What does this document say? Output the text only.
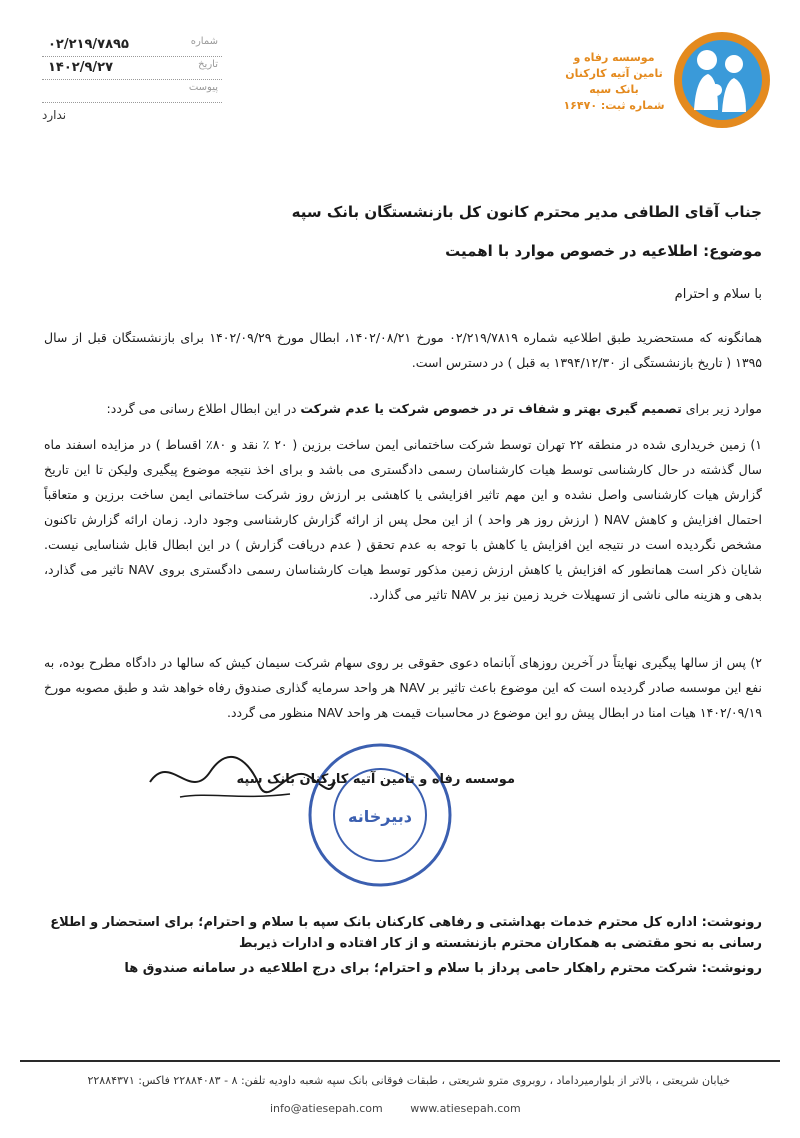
شماره
۰۲/۲۱۹/۷۸۹۵
تاریخ
۱۴۰۲/۹/۲۷
پیوست
ندارد
موسسه رفاه و تامین آتیه کارکنان بانک سپه
شماره ثبت: ۱۶۴۷۰
جناب آقای الطافی مدیر محترم کانون کل بازنشستگان بانک سپه
موضوع: اطلاعیه در خصوص موارد با اهمیت
با سلام و احترام
همانگونه که مستحضرید طبق اطلاعیه شماره ۰۲/۲۱۹/۷۸۱۹ مورخ ۱۴۰۲/۰۸/۲۱، ابطال مورخ ۱۴۰۲/۰۹/۲۹ برای بازنشستگان قبل از سال ۱۳۹۵ ( تاریخ بازنشستگی از ۱۳۹۴/۱۲/۳۰ به قبل ) در دسترس است.
موارد زیر برای تصمیم گیری بهتر و شفاف تر در خصوص شرکت یا عدم شرکت در این ابطال اطلاع رسانی می گردد:
۱) زمین خریداری شده در منطقه ۲۲ تهران توسط شرکت ساختمانی ایمن ساخت برزین ( ۲۰ ٪ نقد و ۸۰٪ اقساط ) در مزایده اسفند ماه سال گذشته در حال کارشناسی توسط هیات کارشناسان رسمی دادگستری می باشد و برای اخذ نتیجه موضوع پیگیری ولیکن تا این تاریخ گزارش هیات کارشناسی واصل نشده و این مهم تاثیر افزایشی یا کاهشی بر ارزش روز شرکت ساختمانی ایمن ساخت برزین و متعاقباً احتمال افزایش و کاهش NAV ( ارزش روز هر واحد ) از این محل پس از ارائه گزارش کارشناسی وجود دارد. زمان ارائه گزارش تاکنون مشخص نگردیده است در نتیجه این افزایش یا کاهش با توجه به عدم تحقق ( عدم دریافت گزارش ) در این ابطال قابل شناسایی نیست. شایان ذکر است همانطور که افزایش یا کاهش ارزش زمین مذکور توسط هیات کارشناسان رسمی دادگستری بروی NAV تاثیر می گذارد، بدهی و هزینه مالی ناشی از تسهیلات خرید زمین نیز بر NAV تاثیر می گذارد.
۲) پس از سالها پیگیری نهایتاً در آخرین روزهای آبانماه دعوی حقوقی بر روی سهام شرکت سیمان کیش که سالها در دادگاه مطرح بوده، به نفع این موسسه صادر گردیده است که این موضوع باعث تاثیر بر NAV هر واحد سرمایه گذاری صندوق رفاه خواهد شد و طبق مصوبه مورخ ۱۴۰۲/۰۹/۱۹ هیات امنا در ابطال پیش رو این موضوع در محاسبات قیمت هر واحد NAV منظور می گردد.
دبیرخانه
موسسه رفاه و تامین آتیه کارکنان بانک سپه
رونوشت: اداره کل محترم خدمات بهداشتی و رفاهی کارکنان بانک سپه با سلام و احترام؛ برای استحضار و اطلاع رسانی به نحو مقتضی به همکاران محترم بازنشسته و از کار افتاده و ادارات ذیربط
رونوشت: شرکت محترم راهکار حامی پرداز با سلام و احترام؛ برای درج اطلاعیه در سامانه صندوق ها
خیابان شریعتی ، بالاتر از بلوارمیرداماد ، روبروی مترو شریعتی ، طبقات فوقانی بانک سپه شعبه داودیه تلفن: ۸ - ۲۲۸۸۴۰۸۳ فاکس: ۲۲۸۸۴۳۷۱
info@atiesepah.com	www.atiesepah.com
